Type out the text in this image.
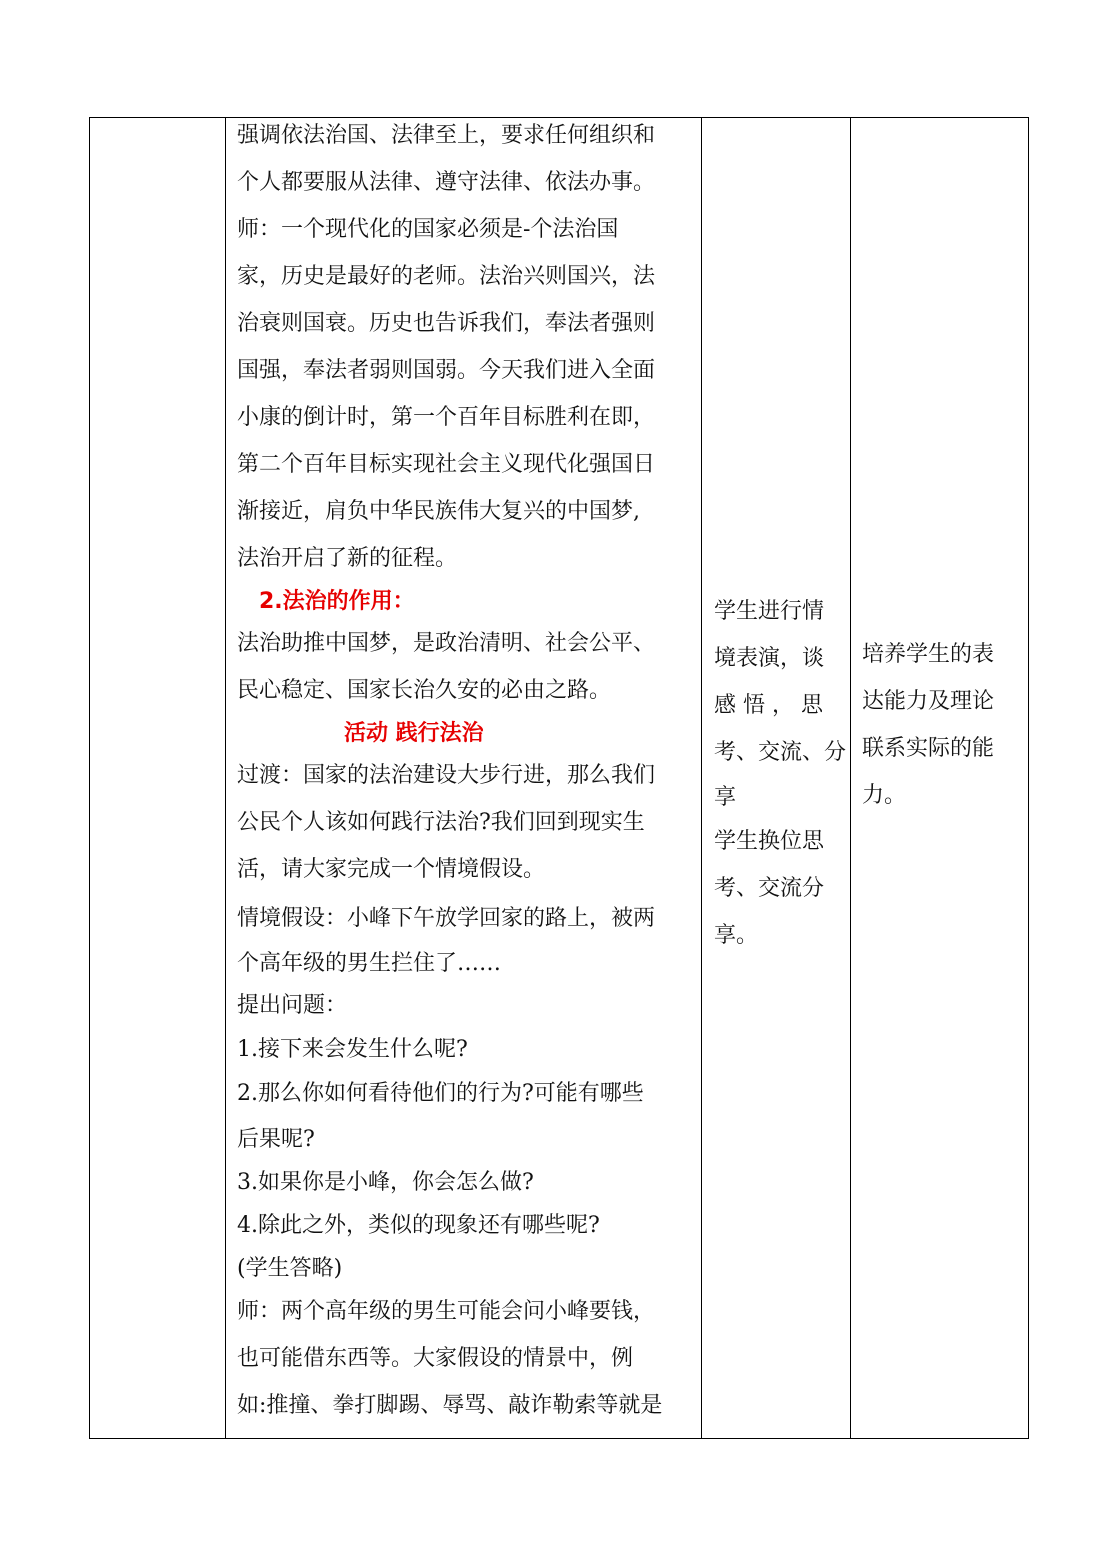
强调依法治国、法律至上，要求任何组织和
个人都要服从法律、遵守法律、依法办事。
师：一个现代化的国家必须是-个法治国
家，历史是最好的老师。法治兴则国兴，法
治衰则国衰。历史也告诉我们，奉法者强则
国强，奉法者弱则国弱。今天我们进入全面
小康的倒计时，第一个百年目标胜利在即，
第二个百年目标实现社会主义现代化强国日
渐接近，肩负中华民族伟大复兴的中国梦,
法治开启了新的征程。
2.法治的作用：
法治助推中国梦，是政治清明、社会公平、
民心稳定、国家长治久安的必由之路。
活动 践行法治
过渡：国家的法治建设大步行进，那么我们
公民个人该如何践行法治?我们回到现实生
活，请大家完成一个情境假设。
情境假设：小峰下午放学回家的路上，被两
个高年级的男生拦住了……
提出问题：
1.接下来会发生什么呢?
2.那么你如何看待他们的行为?可能有哪些
后果呢?
3.如果你是小峰，你会怎么做?
4.除此之外，类似的现象还有哪些呢?
(学生答略)
师：两个高年级的男生可能会问小峰要钱，
也可能借东西等。大家假设的情景中，例
如:推撞、拳打脚踢、辱骂、敲诈勒索等就是
学生进行情
境表演，谈
感 悟 ， 思
考、交流、分
享
学生换位思
考、交流分
享。
培养学生的表
达能力及理论
联系实际的能
力。
